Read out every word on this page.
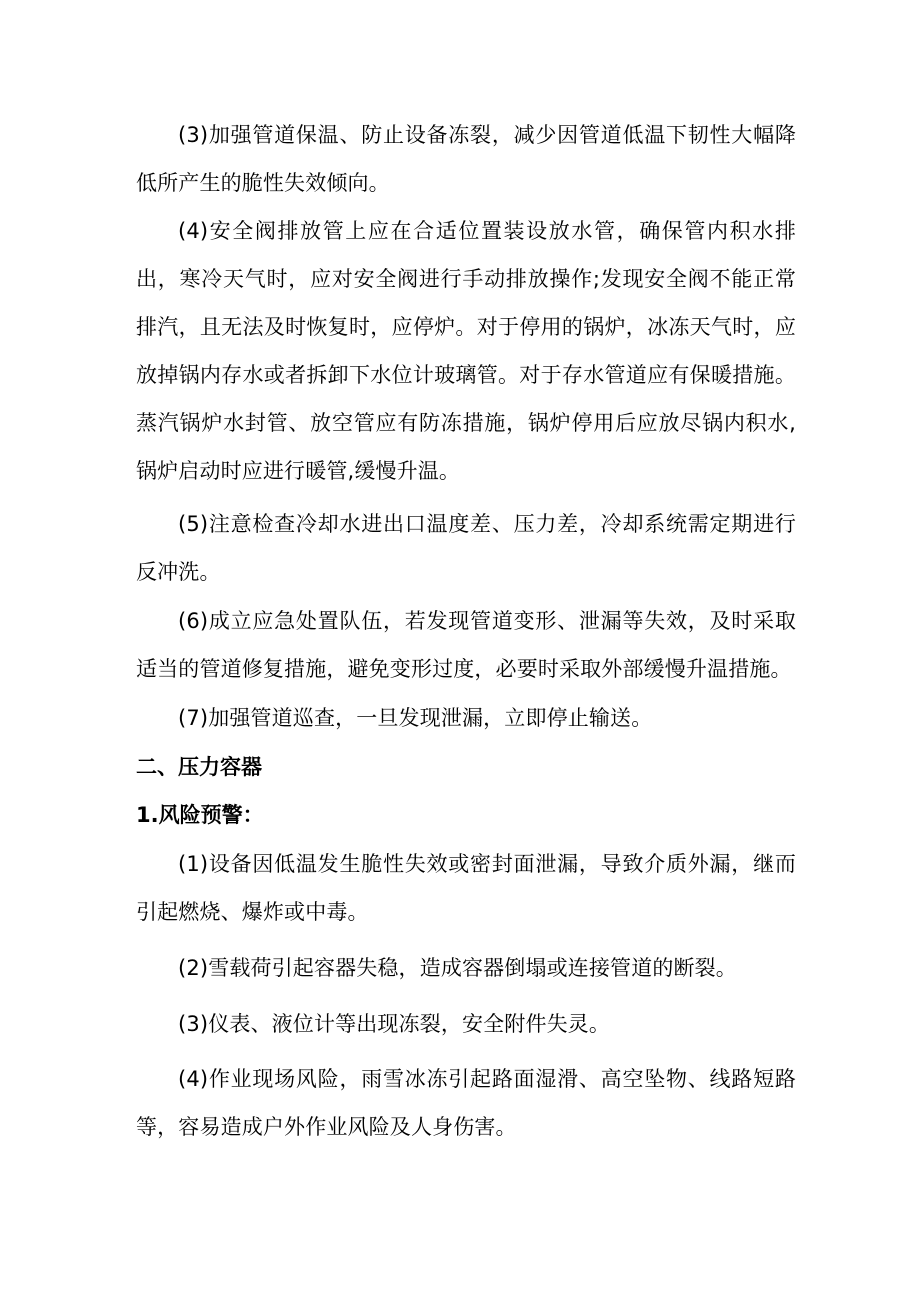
(3)加强管道保温、防止设备冻裂，减少因管道低温下韧性大幅降低所产生的脆性失效倾向。

(4)安全阀排放管上应在合适位置装设放水管，确保管内积水排出，寒冷天气时，应对安全阀进行手动排放操作;发现安全阀不能正常排汽，且无法及时恢复时，应停炉。对于停用的锅炉，冰冻天气时，应放掉锅内存水或者拆卸下水位计玻璃管。对于存水管道应有保暖措施。蒸汽锅炉水封管、放空管应有防冻措施，锅炉停用后应放尽锅内积水,锅炉启动时应进行暖管,缓慢升温。

(5)注意检查冷却水进出口温度差、压力差，冷却系统需定期进行反冲洗。

(6)成立应急处置队伍，若发现管道变形、泄漏等失效，及时采取适当的管道修复措施，避免变形过度，必要时采取外部缓慢升温措施。

(7)加强管道巡查，一旦发现泄漏，立即停止输送。

二、压力容器
1.风险预警：

(1)设备因低温发生脆性失效或密封面泄漏，导致介质外漏，继而引起燃烧、爆炸或中毒。

(2)雪载荷引起容器失稳，造成容器倒塌或连接管道的断裂。

(3)仪表、液位计等出现冻裂，安全附件失灵。

(4)作业现场风险，雨雪冰冻引起路面湿滑、高空坠物、线路短路等，容易造成户外作业风险及人身伤害。
